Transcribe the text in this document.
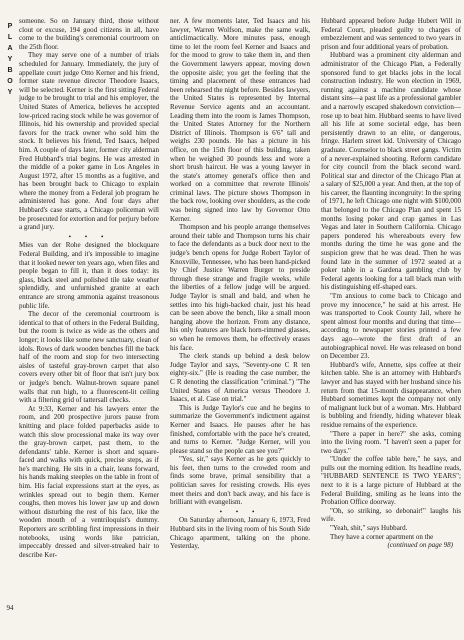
P
L
A
Y
B
O
Y
94

someone. So on January third, those without clout or excuse, 194 good citizens in all, have come to the building's ceremonial courtroom on the 25th floor.

They may serve one of a number of trials scheduled for January. Immediately, the jury of appellate court judge Otto Kerner and his friend, former state revenue director Theodore Isaacs, will be selected. Kerner is the first sitting Federal judge to be brought to trial and his employer, the United States of America, believes he accepted low-priced racing stock while he was governor of Illinois, hid his ownership and provided special favors for the track owner who sold him the stock. It believes his friend, Ted Isaacs, helped him. A couple of days later, former city alderman Fred Hubbard's trial begins. He was arrested in the middle of a poker game in Los Angeles in August 1972, after 15 months as a fugitive, and has been brought back to Chicago to explain where the money from a Federal job program he administered has gone. And four days after Hubbard's case starts, a Chicago policeman will be prosecuted for extortion and for perjury before a grand jury.

• • •

Mies van der Rohe designed the blockquare Federal Building, and it's impossible to imagine that it looked newer ten years ago, when files and people began to fill it, than it does today: its glass, black steel and polished tile take weather splendidly, and unfurnished granite at each entrance are strong ammonia against treasonous public life.

The decor of the ceremonial courtroom is identical to that of others in the Federal Building, but the room is twice as wide as the others and longer; it looks like some new sanctuary, clean of idols. Rows of dark wooden benches fill the back half of the room and stop for two intersecting aisles of tasteful gray-brown carpet that also covers every other bit of floor that isn't jury box or judge's bench. Walnut-brown square panel walls that run high, to a fluorescent-lit ceiling with a filtering grid of tattersall checks.

At 9:33, Kerner and his lawyers enter the room, and 200 prospective jurors pause from knitting and place folded paperbacks aside to watch this slow processional make its way over the gray-brown carpet, past them, to the defendants' table. Kerner is short and square-faced and walks with quick, precise steps, as if he's marching. He sits in a chair, leans forward, his hands making steeples on the table in front of him. His facial expressions start at the eyes, as wrinkles spread out to begin them. Kerner coughs, then moves his lower jaw up and down without disturbing the rest of his face, like the wooden mouth of a ventriloquist's dummy. Reporters are scribbling first impressions in their notebooks, using words like patrician, impeccably dressed and silver-streaked hair to describe Ker-

ner. A few moments later, Ted Isaacs and his lawyer, Warren Wolfson, make the same walk, anticlimactically. More minutes pass, enough time to let the room feel Kerner and Isaacs and for the mood to grow to take them in, and then the Government lawyers appear, moving down the opposite aisle; you get the feeling that the timing and placement of these entrances had been rehearsed the night before. Besides lawyers, the United States is represented by Internal Revenue Service agents and an accountant. Leading them into the room is James Thompson, the United States Attorney for the Northern District of Illinois. Thompson is 6'6" tall and weighs 230 pounds. He has a picture in his office, on the 15th floor of this building, taken when he weighed 30 pounds less and wore a short brush haircut. He was a young lawyer in the state's attorney general's office then and worked on a committee that rewrote Illinois' criminal laws. The picture shows Thompson in the back row, looking over shoulders, as the code was being signed into law by Governor Otto Kerner.

Thompson and his people arrange themselves around their table and Thompson turns his chair to face the defendants as a buck door next to the judge's bench opens for Judge Robert Taylor of Knoxville, Tennessee, who has been hand-picked by Chief Justice Warren Burger to preside through these strange and fragile weeks, while the liberties of a fellow judge will be argued. Judge Taylor is small and bald, and when he settles into his high-backed chair, just his head can be seen above the bench, like a small moon hanging above the horizon. From any distance, his only features are black horn-rimmed glasses, so when he removes them, he effectively erases his face.

The clerk stands up behind a desk below Judge Taylor and says, "Seventy-one C R ten eighty-six." (He is reading the case number, the C R denoting the classification "criminal.") "The United States of America versus Theodore J. Isaacs, et al. Case on trial."

This is Judge Taylor's cue and he begins to summarize the Government's indictment against Kerner and Isaacs. He pauses after he has finished, comfortable with the pace he's created, and turns to Kerner. "Judge Kerner, will you please stand so the people can see you?"

"Yes, sir," says Kerner as he gets quickly to his feet, then turns to the crowded room and finds some brave, primal sensibility that a politician saves for resisting crowds. His eyes meet theirs and don't back away, and his face is brilliant with evangelism.

• • •

On Saturday afternoon, January 6, 1973, Fred Hubbard sits in the living room of his South Side Chicago apartment, talking on the phone. Yesterday,

Hubbard appeared before Judge Hubert Will in Federal Court, pleaded guilty to charges of embezzlement and was sentenced to two years in prison and four additional years of probation.

Hubbard was a prominent city alderman and administrator of the Chicago Plan, a Federally sponsored fund to get blacks jobs in the local construction industry. He won election in 1969, running against a machine candidate whose distant sins—a past life as a professional gambler and a narrowly escaped shakedown conviction—rose up to beat him. Hubbard seems to have lived all his life at some societal edge, has been persistently drawn to an elite, or dangerous, fringe. Harlem street kid. University of Chicago graduate. Counselor to black street gangs. Victim of a never-explained shooting. Reform candidate for city council from the black second ward. Political star and director of the Chicago Plan at a salary of $25,000 a year. And then, at the top of his career, the flaunting incongruity: In the spring of 1971, he left Chicago one night with $100,000 that belonged to the Chicago Plan and spent 15 months losing poker and crap games in Las Vegas and later in Southern California. Chicago papers pondered his whereabouts every few months during the time he was gone and the suspicion grew that he was dead. Then he was found late in the summer of 1972 seated at a poker table in a Gardena gambling club by Federal agents looking for a tall black man with his distinguishing elf-shaped ears.

"I'm anxious to come back to Chicago and prove my innocence," he said at his arrest. He was transported to Cook County Jail, where he spent almost four months and during that time—according to newspaper stories printed a few days ago—wrote the first draft of an autobiographical novel. He was released on bond on December 23.

Hubbard's wife, Annette, sips coffee at their kitchen table. She is an attorney with Hubbard's lawyer and has stayed with her husband since his return from that 15-month disappearance, when Hubbard sometimes kept the company not only of malignant luck but of a woman. Mrs. Hubbard is bubbling and friendly, hiding whatever bleak residue remains of the experience.

"There a paper in here?" she asks, coming into the living room. "I haven't seen a paper for two days."

"Under the coffee table here," he says, and pulls out the morning edition. Its headline reads, "HUBBARD SENTENCE IS TWO YEARS"; next to it is a large picture of Hubbard at the Federal Building, smiling as he leans into the Probation Office doorway.

"Oh, so striking, so debonair!" laughs his wife.

"Yeah, shit," says Hubbard.

They have a corner apartment on the

(continued on page 98)
